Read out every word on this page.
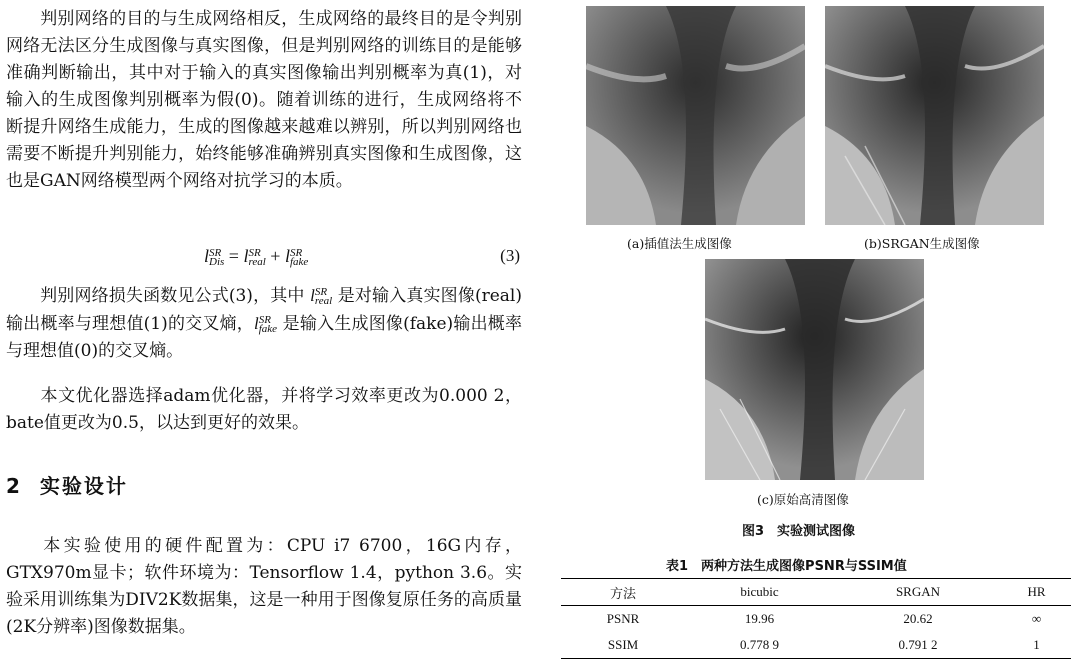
判别网络的目的与生成网络相反，生成网络的最终目的是令判别网络无法区分生成图像与真实图像，但是判别网络的训练目的是能够准确判断输出，其中对于输入的真实图像输出判别概率为真(1)，对输入的生成图像判别概率为假(0)。随着训练的进行，生成网络将不断提升网络生成能力，生成的图像越来越难以辨别，所以判别网络也需要不断提升判别能力，始终能够准确辨别真实图像和生成图像，这也是GAN网络模型两个网络对抗学习的本质。

lSR
Dis = lSR
real + lSR
fake	(3)

判别网络损失函数见公式(3)，其中 lSR
real 是对输入真实图像(real)输出概率与理想值(1)的交叉熵，lSR
fake 是输入生成图像(fake)输出概率与理想值(0)的交叉熵。

本文优化器选择adam优化器，并将学习效率更改为0.000 2，bate值更改为0.5，以达到更好的效果。

2 实验设计

本实验使用的硬件配置为：CPU i7 6700，16G内存，GTX970m显卡；软件环境为：Tensorflow 1.4，python 3.6。实验采用训练集为DIV2K数据集，这是一种用于图像复原任务的高质量(2K分辨率)图像数据集。

(a)插值法生成图像	(b)SRGAN生成图像
(c)原始高清图像
图3　实验测试图像
表1　两种方法生成图像PSNR与SSIM值
方法	bicubic	SRGAN	HR
PSNR	19.96	20.62	∞
SSIM	0.778 9	0.791 2	1
